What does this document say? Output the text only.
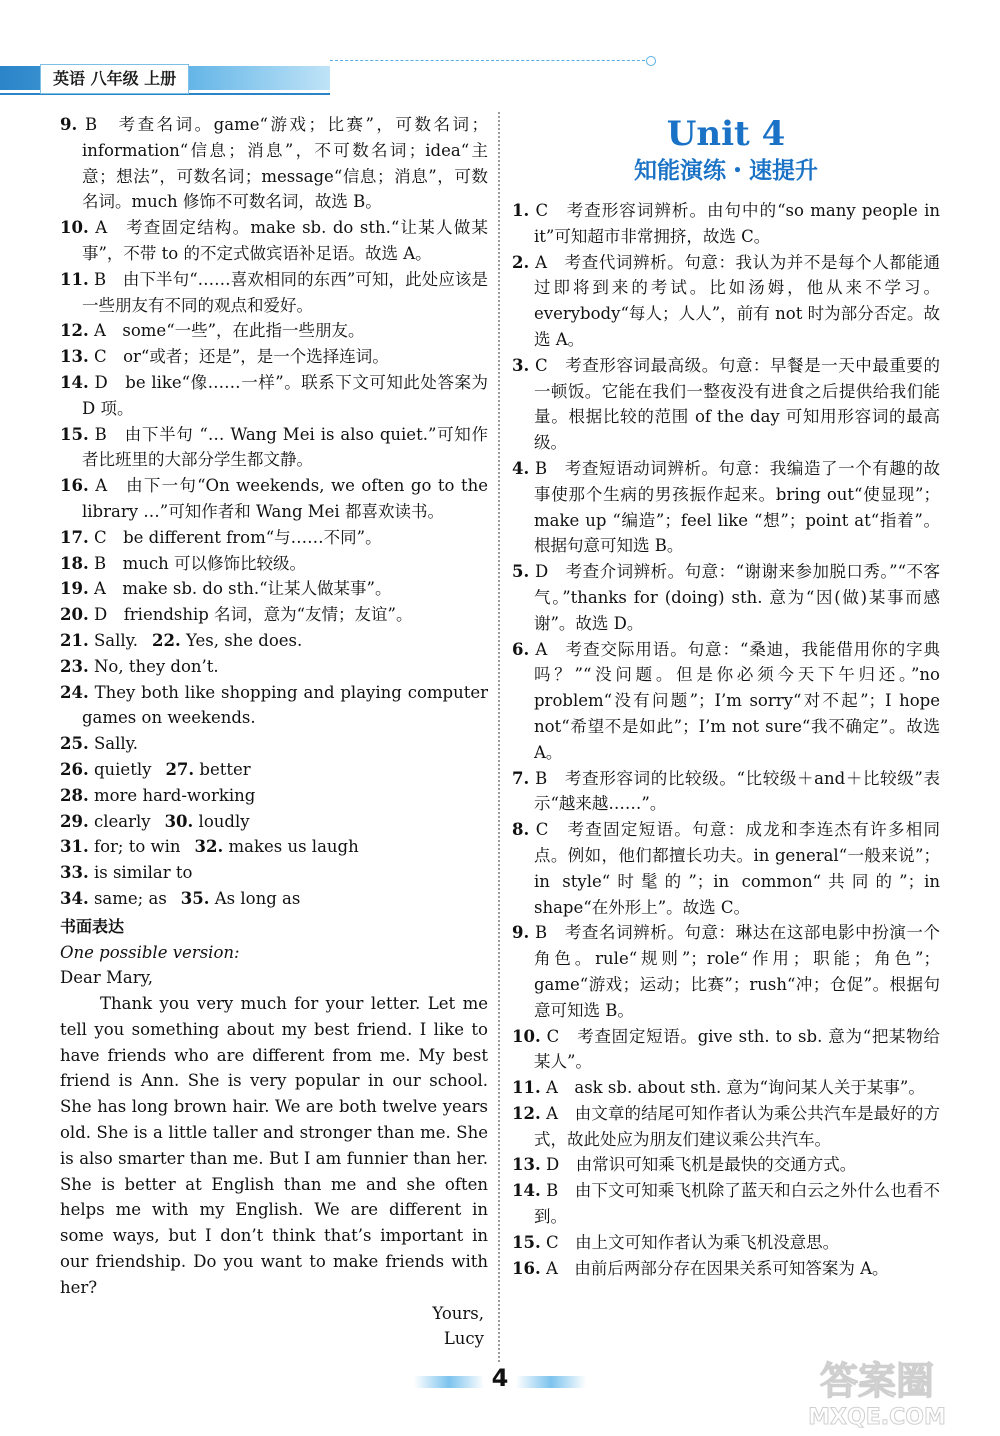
英语 八年级 上册
9. B　考查名词。game“游戏；比赛”，可数名词；information“信息；消息”，不可数名词；idea“主意；想法”，可数名词；message“信息；消息”，可数名词。much 修饰不可数名词，故选 B。
10. A　考查固定结构。make sb. do sth.“让某人做某事”，不带 to 的不定式做宾语补足语。故选 A。
11. B　由下半句“……喜欢相同的东西”可知，此处应该是一些朋友有不同的观点和爱好。
12. A　some“一些”，在此指一些朋友。
13. C　or“或者；还是”，是一个选择连词。
14. D　be like“像……一样”。联系下文可知此处答案为 D 项。
15. B　由下半句 “… Wang Mei is also quiet.”可知作者比班里的大部分学生都文静。
16. A　由下一句“On weekends, we often go to the library …”可知作者和 Wang Mei 都喜欢读书。
17. C　be different from“与……不同”。
18. B　much 可以修饰比较级。
19. A　make sb. do sth.“让某人做某事”。
20. D　friendship 名词，意为“友情；友谊”。
21. Sally. 22. Yes, she does.
23. No, they don’t.
24. They both like shopping and playing computer games on weekends.
25. Sally.
26. quietly 27. better
28. more hard-working
29. clearly 30. loudly
31. for; to win 32. makes us laugh
33. is similar to
34. same; as 35. As long as
书面表达
One possible version:
Dear Mary,
Thank you very much for your letter. Let me tell you something about my best friend. I like to have friends who are different from me. My best friend is Ann. She is very popular in our school. She has long brown hair. We are both twelve years old. She is a little taller and stronger than me. She is also smarter than me. But I am funnier than her. She is better at English than me and she often helps me with my English. We are different in some ways, but I don’t think that’s important in our friendship. Do you want to make friends with her?
Yours,
Lucy
Unit 4
知能演练・速提升
1. C　考查形容词辨析。由句中的“so many people in it”可知超市非常拥挤，故选 C。
2. A　考查代词辨析。句意：我认为并不是每个人都能通过即将到来的考试。比如汤姆，他从来不学习。everybody“每人；人人”，前有 not 时为部分否定。故选 A。
3. C　考查形容词最高级。句意：早餐是一天中最重要的一顿饭。它能在我们一整夜没有进食之后提供给我们能量。根据比较的范围 of the day 可知用形容词的最高级。
4. B　考查短语动词辨析。句意：我编造了一个有趣的故事使那个生病的男孩振作起来。bring out“使显现”；make up “编造”；feel like “想”；point at“指着”。根据句意可知选 B。
5. D　考查介词辨析。句意：“谢谢来参加脱口秀。”“不客气。”thanks for (doing) sth. 意为“因(做)某事而感谢”。故选 D。
6. A　考查交际用语。句意：“桑迪，我能借用你的字典吗？”“没问题。但是你必须今天下午归还。”no problem“没有问题”；I’m sorry“对不起”；I hope not“希望不是如此”；I’m not sure“我不确定”。故选 A。
7. B　考查形容词的比较级。“比较级＋and＋比较级”表示“越来越……”。
8. C　考查固定短语。句意：成龙和李连杰有许多相同点。例如，他们都擅长功夫。in general“一般来说”；in style“时髦的”；in common“共同的”；in shape“在外形上”。故选 C。
9. B　考查名词辨析。句意：琳达在这部电影中扮演一个角色。rule“规则”；role“作用；职能；角色”；game“游戏；运动；比赛”；rush“冲；仓促”。根据句意可知选 B。
10. C　考查固定短语。give sth. to sb. 意为“把某物给某人”。
11. A　ask sb. about sth. 意为“询问某人关于某事”。
12. A　由文章的结尾可知作者认为乘公共汽车是最好的方式，故此处应为朋友们建议乘公共汽车。
13. D　由常识可知乘飞机是最快的交通方式。
14. B　由下文可知乘飞机除了蓝天和白云之外什么也看不到。
15. C　由上文可知作者认为乘飞机没意思。
16. A　由前后两部分存在因果关系可知答案为 A。
4	答案圈
MXQE.COM
